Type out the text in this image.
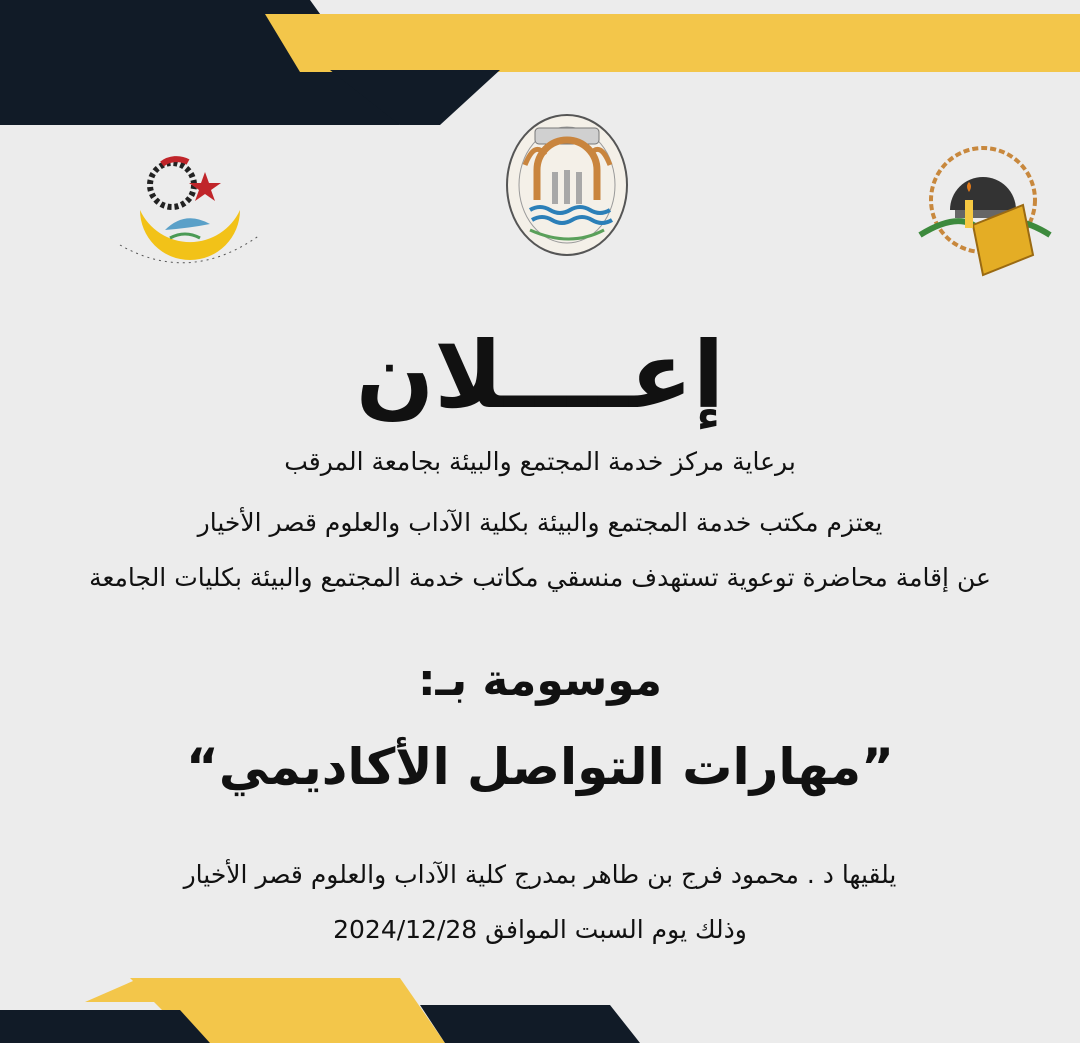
إعــــلان
برعاية مركز خدمة المجتمع والبيئة بجامعة المرقب
يعتزم مكتب خدمة المجتمع والبيئة بكلية الآداب والعلوم قصر الأخيار
عن إقامة محاضرة توعوية تستهدف منسقي مكاتب خدمة المجتمع والبيئة بكليات الجامعة
موسومة بـ:
”مهارات التواصل الأكاديمي“
يلقيها د . محمود فرج بن طاهر بمدرج كلية الآداب والعلوم قصر الأخيار
وذلك يوم السبت الموافق 2024/12/28
